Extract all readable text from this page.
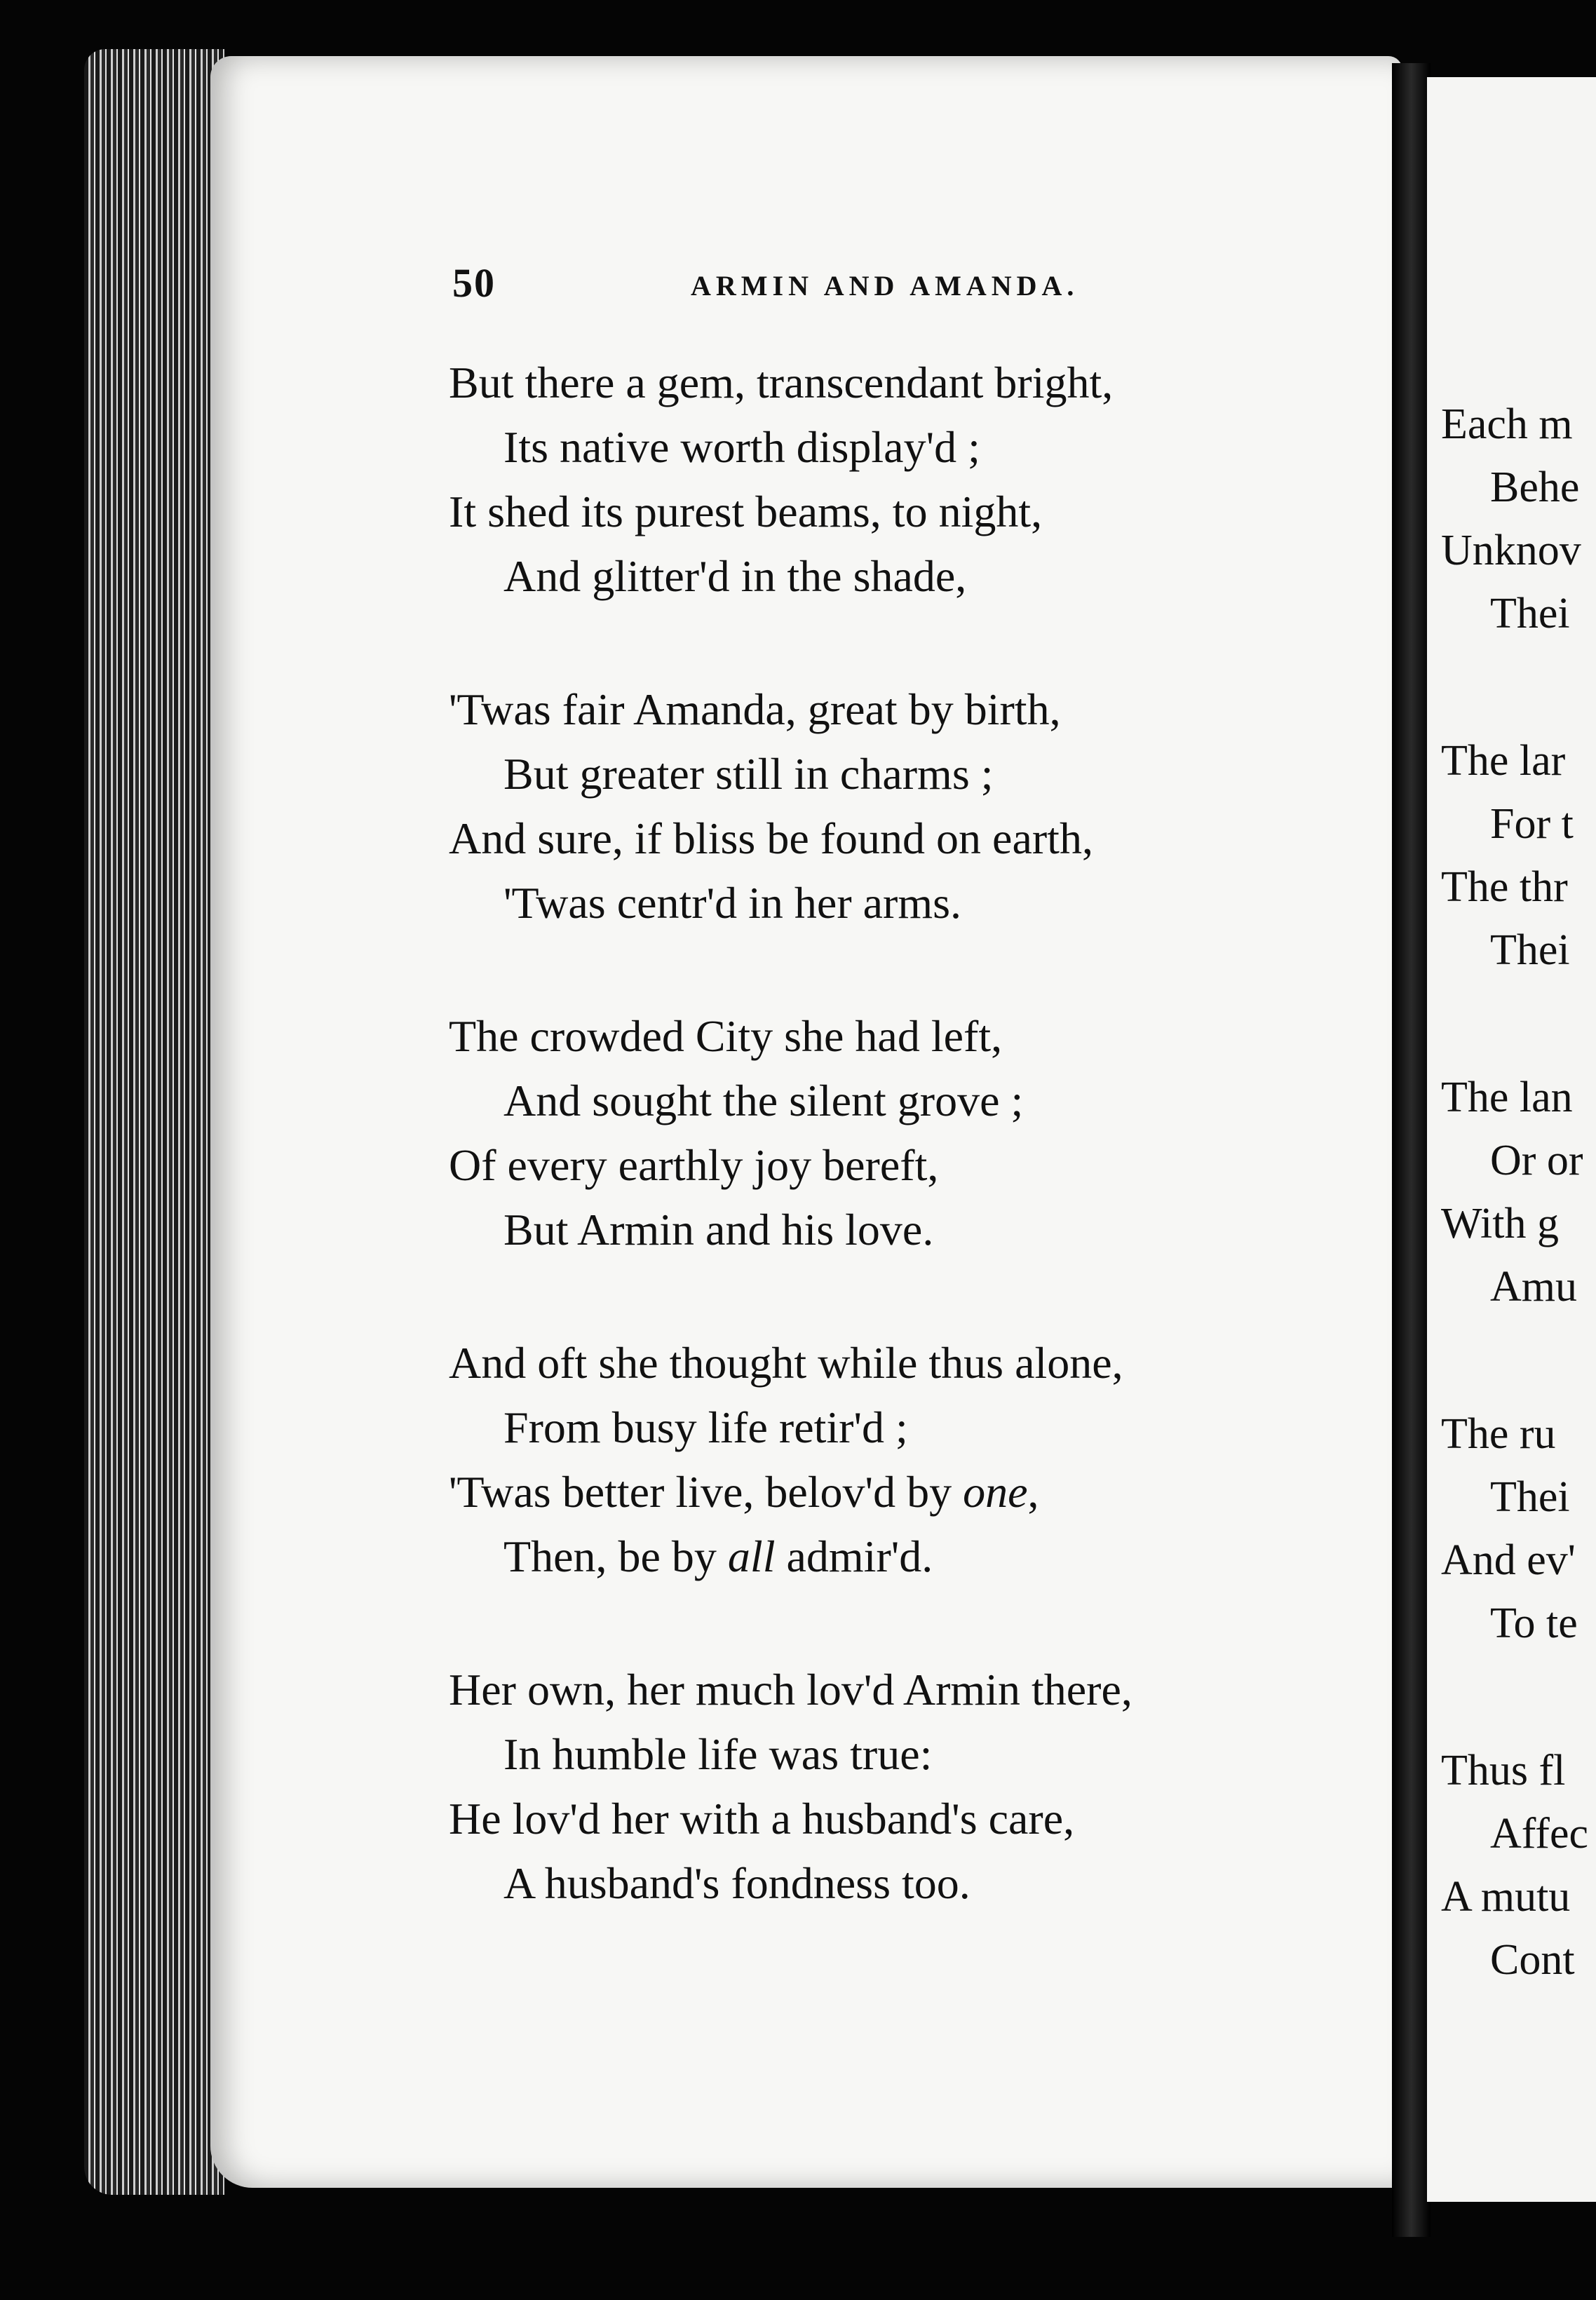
50	ARMIN AND AMANDA.
But there a gem, transcendant bright,
Its native worth display'd ;
It shed its purest beams, to night,
And glitter'd in the shade,
'Twas fair Amanda, great by birth,
But greater still in charms ;
And sure, if bliss be found on earth,
'Twas centr'd in her arms.
The crowded City she had left,
And sought the silent grove ;
Of every earthly joy bereft,
But Armin and his love.
And oft she thought while thus alone,
From busy life retir'd ;
'Twas better live, belov'd by one,
Then, be by all admir'd.
Her own, her much lov'd Armin there,
In humble life was true:
He lov'd her with a husband's care,
A husband's fondness too.
Each m
Behe
Unknov
Thei
The lar
For t
The thr
Thei
The lan
Or or
With g
Amu
The ru
Thei
And ev'
To te
Thus fl
Affec
A mutu
Cont
